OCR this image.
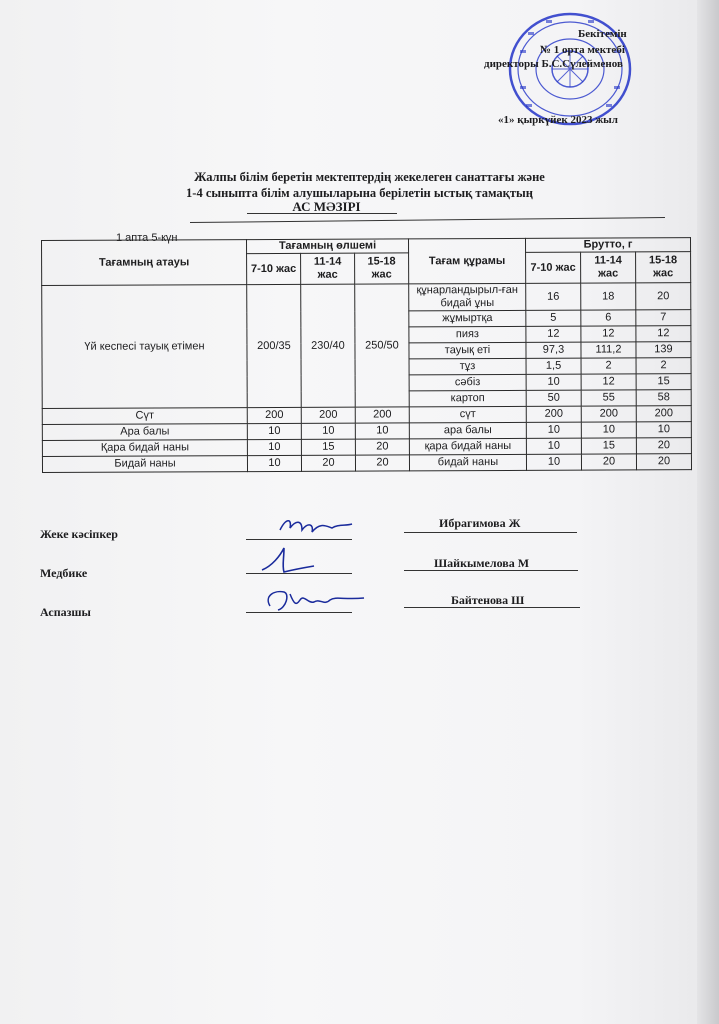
Бекітемін
№ 1 орта мектебі
директоры Б.С.Сүлейменов
«1» қыркүйек 2023 жыл
Жалпы білім беретін мектептердің жекелеген санаттағы және
1-4 сыныпта білім алушыларына берілетін ыстық тамақтың
АС МӘЗІРІ
1 апта 5-күн
Тағамның атауы	Тағамның өлшемі			Тағам құрамы	Брутто, г		
	7-10 жас	11-14 жас	15-18 жас		7-10 жас	11-14 жас	15-18 жас
Үй кеспесі тауық етімен	200/35	230/40	250/50	құнарландырыл-ған бидай ұны	16	18	20
				жұмыртқа	5	6	7
				пияз	12	12	12
				тауық еті	97,3	111,2	139
				тұз	1,5	2	2
				сәбіз	10	12	15
				картоп	50	55	58
Сүт	200	200	200	сүт	200	200	200
Ара балы	10	10	10	ара балы	10	10	10
Қара бидай наны	10	15	20	қара бидай наны	10	15	20
Бидай наны	10	20	20	бидай наны	10	20	20
Жеке кәсіпкер
Ибрагимова Ж
Медбике
Шайкымелова М
Аспазшы
Байтенова Ш
